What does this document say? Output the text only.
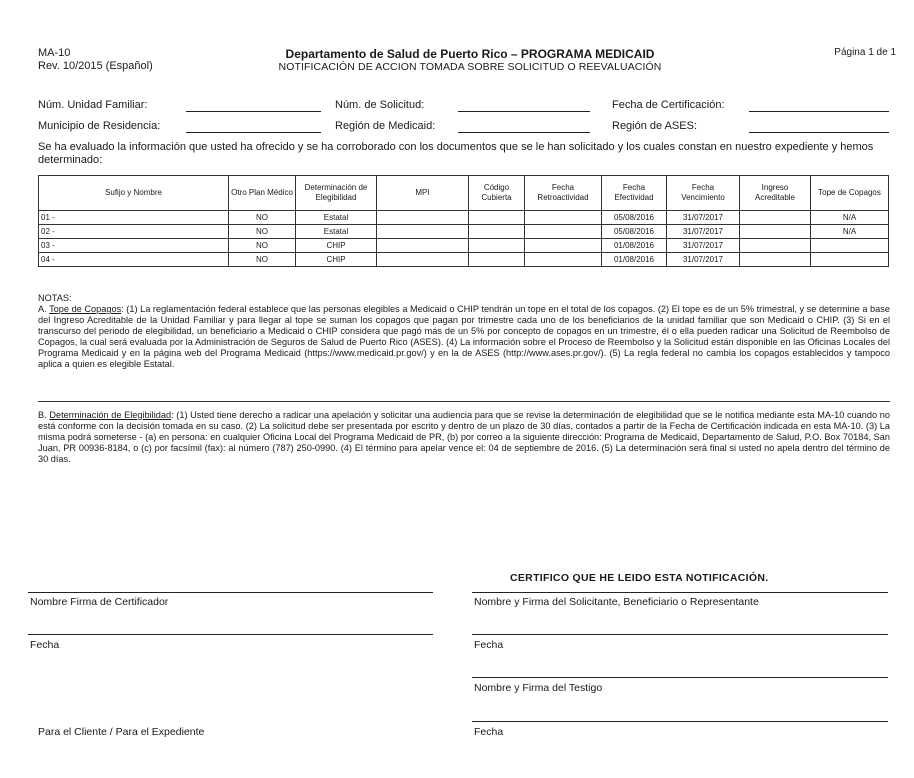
MA-10
Rev. 10/2015 (Español)
Departamento de Salud de Puerto Rico – PROGRAMA MEDICAID
NOTIFICACIÓN DE ACCION TOMADA SOBRE SOLICITUD O REEVALUACIÓN
Página 1 de 1
Núm. Unidad Familiar:	Núm. de Solicitud:	Fecha de Certificación:
Municipio de Residencia:	Región de Medicaid:	Región de ASES:
Se ha evaluado la información que usted ha ofrecido y se ha corroborado con los documentos que se le han solicitado y los cuales constan en nuestro expediente y hemos determinado:
Sufijo y Nombre	Otro Plan Médico	Determinación de Elegibilidad	MPI	Código Cubierta	Fecha Retroactividad	Fecha Efectividad	Fecha Vencimiento	Ingreso Acreditable	Tope de Copagos
01 -	NO	Estatal				05/08/2016	31/07/2017		N/A
02 -	NO	Estatal				05/08/2016	31/07/2017		N/A
03 -	NO	CHIP				01/08/2016	31/07/2017		
04 -	NO	CHIP				01/08/2016	31/07/2017		
NOTAS:
A. Tope de Copagos: (1) La reglamentación federal establece que las personas elegibles a Medicaid o CHIP tendrán un tope en el total de los copagos. (2) El tope es de un 5% trimestral, y se determine a base del Ingreso Acreditable de la Unidad Familiar y para llegar al tope se suman los copagos que pagan por trimestre cada uno de los beneficiarios de la unidad familiar que son Medicaid o CHIP. (3) Si en el transcurso del periodo de elegibilidad, un beneficiario a Medicaid o CHIP considera que pagó más de un 5% por concepto de copagos en un trimestre, él o ella pueden radicar una Solicitud de Reembolso de Copagos, la cual será evaluada por la Administración de Seguros de Salud de Puerto Rico (ASES). (4) La información sobre el Proceso de Reembolso y la Solicitud están disponible en las Oficinas Locales del Programa Medicaid y en la página web del Programa Medicaid (https://www.medicaid.pr.gov/) y en la de ASES (http://www.ases.pr.gov/). (5) La regla federal no cambia los copagos establecidos y tampoco aplica a quien es elegible Estatal.
B. Determinación de Elegibilidad: (1) Usted tiene derecho a radicar una apelación y solicitar una audiencia para que se revise la determinación de elegibilidad que se le notifica mediante esta MA-10 cuando no está conforme con la decisión tomada en su caso. (2) La solicitud debe ser presentada por escrito y dentro de un plazo de 30 días, contados a partir de la Fecha de Certificación indicada en esta MA-10. (3) La misma podrá someterse - (a) en persona: en cualquier Oficina Local del Programa Medicaid de PR, (b) por correo a la siguiente dirección: Programa de Medicaid, Departamento de Salud, P.O. Box 70184, San Juan, PR 00936-8184, o (c) por facsímil (fax): al número (787) 250-0990. (4) El término para apelar vence el: 04 de septiembre de 2016. (5) La determinación será final si usted no apela dentro del término de 30 días.
CERTIFICO QUE HE LEIDO ESTA NOTIFICACIÓN.
Nombre Firma de Certificador
Fecha
Para el Cliente / Para el Expediente
Nombre y Firma del Solicitante, Beneficiario o Representante
Fecha
Nombre y Firma del Testigo
Fecha
